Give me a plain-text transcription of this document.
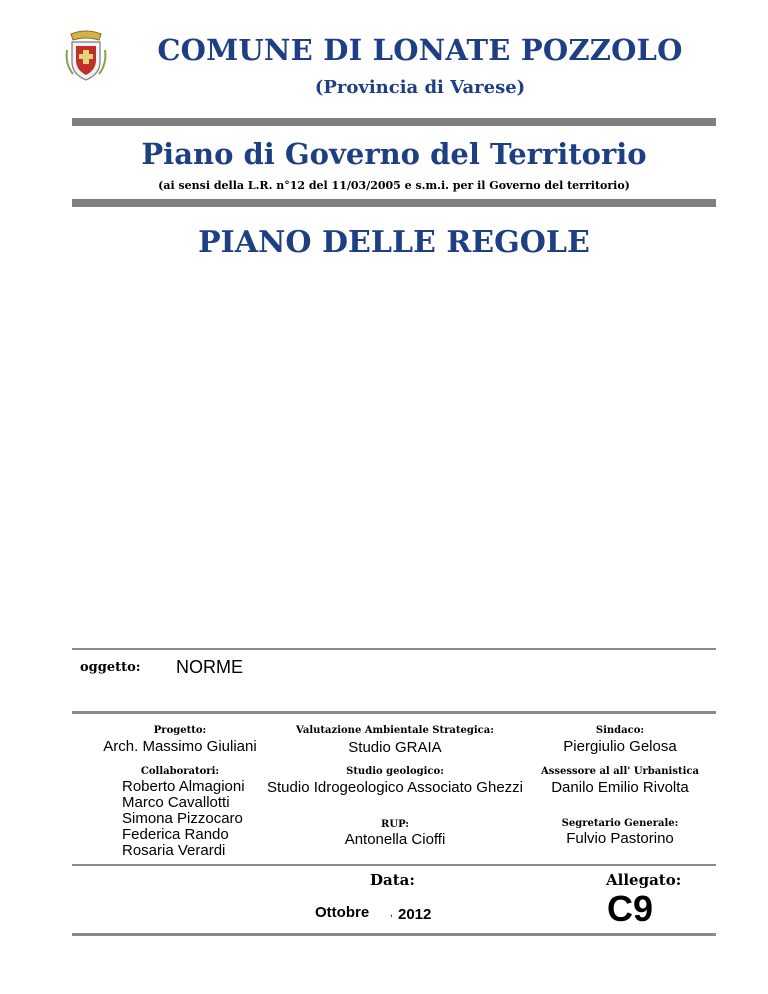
COMUNE DI LONATE POZZOLO
(Provincia di Varese)
Piano di Governo del Territorio
(ai sensi della L.R. n°12 del 11/03/2005 e s.m.i. per il Governo del territorio)
PIANO DELLE REGOLE
oggetto: NORME
Progetto:
Arch. Massimo Giuliani
Collaboratori:
Roberto Almagioni
Marco Cavallotti
Simona Pizzocaro
Federica Rando
Rosaria Verardi
Valutazione Ambientale Strategica:
Studio GRAIA
Studio geologico:
Studio Idrogeologico Associato Ghezzi
RUP:
Antonella Cioffi
Sindaco:
Piergiulio Gelosa
Assessore al all' Urbanistica
Danilo Emilio Rivolta
Segretario Generale:
Fulvio Pastorino
Data:
Ottobre , 2012
Allegato:
C9
